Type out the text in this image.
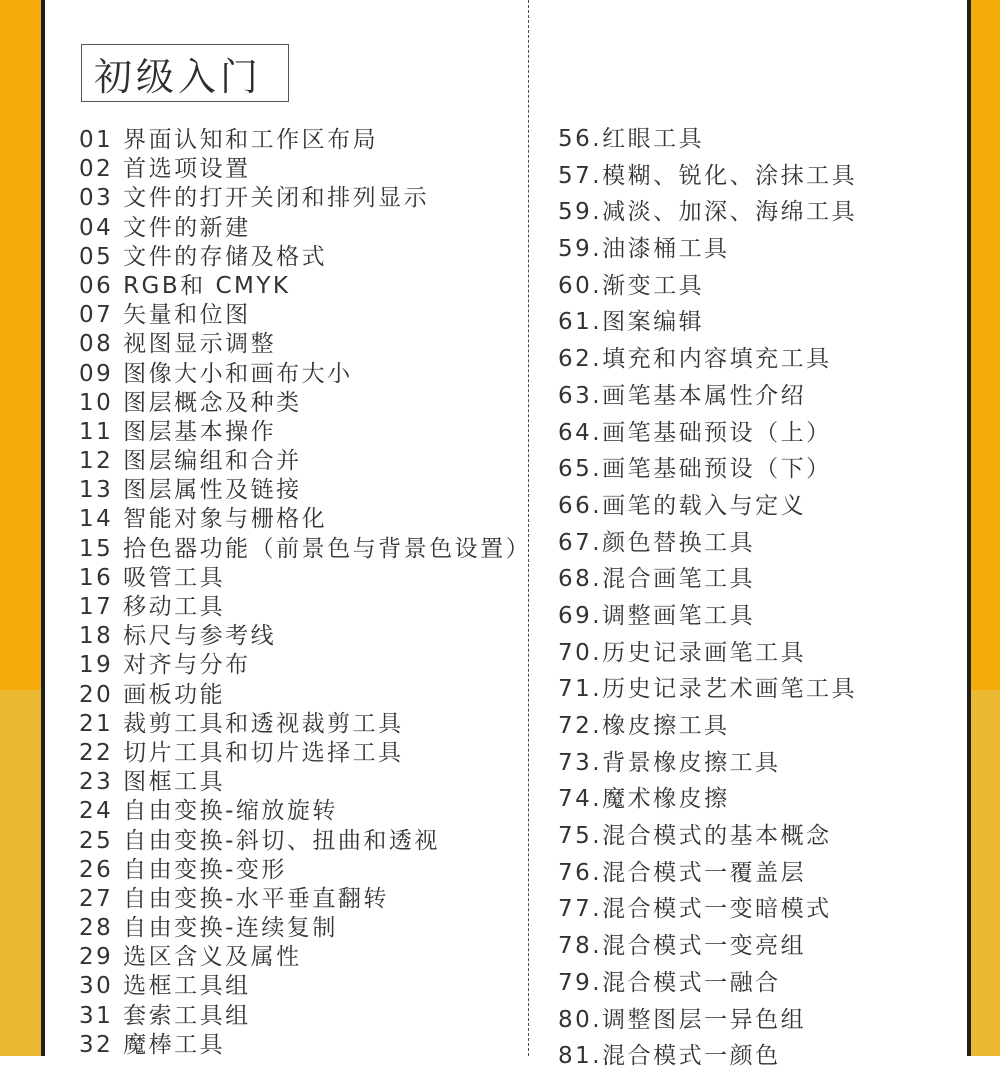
初级入门
01 界面认知和工作区布局
02 首选项设置
03 文件的打开关闭和排列显示
04 文件的新建
05 文件的存储及格式
06 RGB和 CMYK
07 矢量和位图
08 视图显示调整
09 图像大小和画布大小
10 图层概念及种类
11 图层基本操作
12 图层编组和合并
13 图层属性及链接
14 智能对象与栅格化
15 拾色器功能（前景色与背景色设置）
16 吸管工具
17 移动工具
18 标尺与参考线
19 对齐与分布
20 画板功能
21 裁剪工具和透视裁剪工具
22 切片工具和切片选择工具
23 图框工具
24 自由变换-缩放旋转
25 自由变换-斜切、扭曲和透视
26 自由变换-变形
27 自由变换-水平垂直翻转
28 自由变换-连续复制
29 选区含义及属性
30 选框工具组
31 套索工具组
32 魔棒工具
56.红眼工具
57.模糊、锐化、涂抹工具
59.减淡、加深、海绵工具
59.油漆桶工具
60.渐变工具
61.图案编辑
62.填充和内容填充工具
63.画笔基本属性介绍
64.画笔基础预设（上）
65.画笔基础预设（下）
66.画笔的载入与定义
67.颜色替换工具
68.混合画笔工具
69.调整画笔工具
70.历史记录画笔工具
71.历史记录艺术画笔工具
72.橡皮擦工具
73.背景橡皮擦工具
74.魔术橡皮擦
75.混合模式的基本概念
76.混合模式一覆盖层
77.混合模式一变暗模式
78.混合模式一变亮组
79.混合模式一融合
80.调整图层一异色组
81.混合模式一颜色
